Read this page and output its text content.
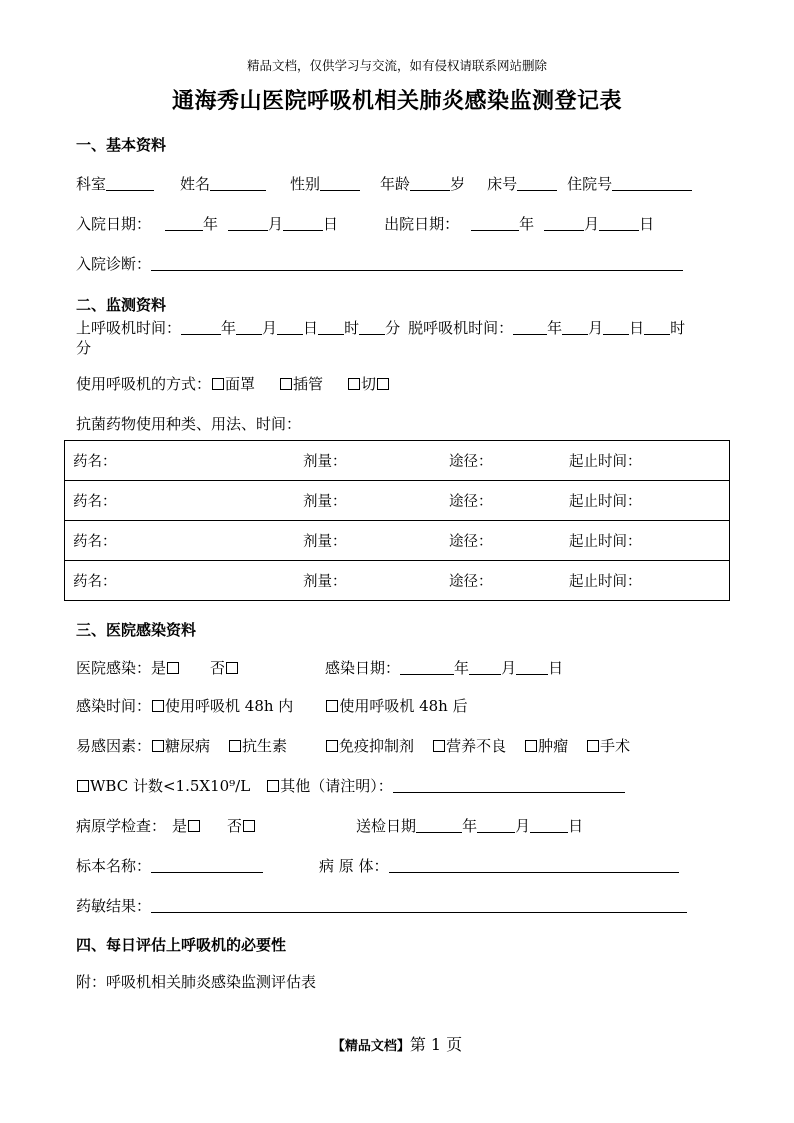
精品文档，仅供学习与交流，如有侵权请联系网站删除
通海秀山医院呼吸机相关肺炎感染监测登记表
一、基本资料
科室	姓名	性别	年龄	岁 床号	住院号
入院日期：	年	月	日	出院日期：	年	月	日
入院诊断：
二、监测资料
上呼吸机时间：	年 月 日 时 分 脱呼吸机时间： 年 月 日 时
分
使用呼吸机的方式： 面罩	插管	切
抗菌药物使用种类、用法、时间：
药名：	剂量：	途径：	起止时间：
药名：	剂量：	途径：	起止时间：
药名：	剂量：	途径：	起止时间：
药名：	剂量：	途径：	起止时间：
三、医院感染资料
医院感染：是	否	感染日期：	年 月 日
感染时间： 使用呼吸机 48h 内	使用呼吸机 48h 后
易感因素： 糖尿病 抗生素	免疫抑制剂 营养不良 肿瘤 手术
WBC 计数<1.5X10⁹/L 其他（请注明）：
病原学检查： 是	否	送检日期	年	月	日
标本名称：	病 原 体：
药敏结果：
四、每日评估上呼吸机的必要性
附：呼吸机相关肺炎感染监测评估表
【精品文档】第 1 页
